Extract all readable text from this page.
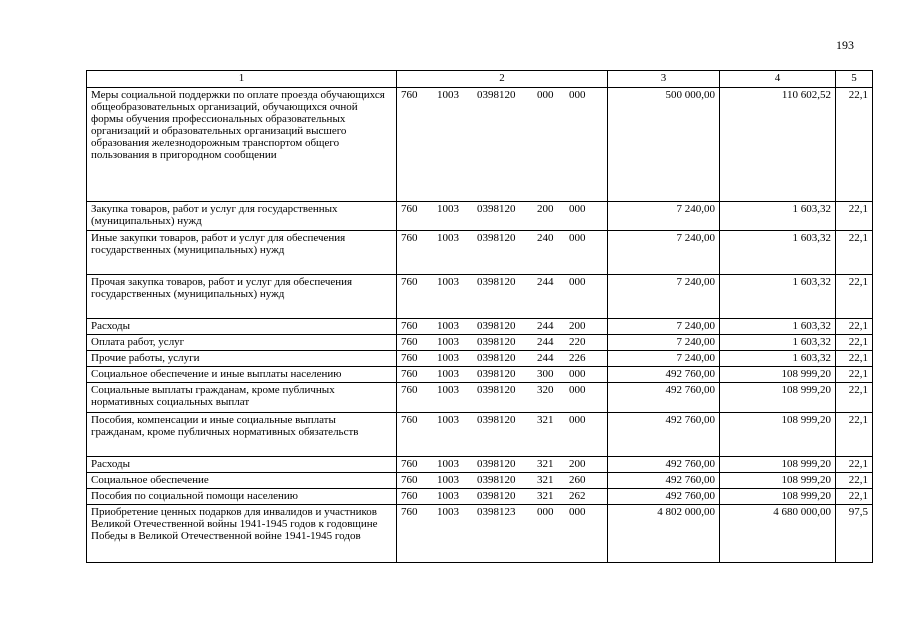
193
1	2	3	4	5
Меры социальной поддержки по оплате проезда обучающихся общеобразовательных организаций, обучающихся очной формы обучения профессиональных образовательных организаций и образовательных организаций высшего образования железнодорожным транспортом общего пользования в пригородном сообщении	760 1003 0398120 000 000	500 000,00	110 602,52	22,1
Закупка товаров, работ и услуг для государственных (муниципальных) нужд	760 1003 0398120 200 000	7 240,00	1 603,32	22,1
Иные закупки товаров, работ и услуг для обеспечения государственных (муниципальных) нужд	760 1003 0398120 240 000	7 240,00	1 603,32	22,1
Прочая закупка товаров, работ и услуг для обеспечения государственных (муниципальных) нужд	760 1003 0398120 244 000	7 240,00	1 603,32	22,1
Расходы	760 1003 0398120 244 200	7 240,00	1 603,32	22,1
Оплата работ, услуг	760 1003 0398120 244 220	7 240,00	1 603,32	22,1
Прочие работы, услуги	760 1003 0398120 244 226	7 240,00	1 603,32	22,1
Социальное обеспечение и иные выплаты населению	760 1003 0398120 300 000	492 760,00	108 999,20	22,1
Социальные выплаты гражданам, кроме публичных нормативных социальных выплат	760 1003 0398120 320 000	492 760,00	108 999,20	22,1
Пособия, компенсации и иные социальные выплаты гражданам, кроме публичных нормативных обязательств	760 1003 0398120 321 000	492 760,00	108 999,20	22,1
Расходы	760 1003 0398120 321 200	492 760,00	108 999,20	22,1
Социальное обеспечение	760 1003 0398120 321 260	492 760,00	108 999,20	22,1
Пособия по социальной помощи населению	760 1003 0398120 321 262	492 760,00	108 999,20	22,1
Приобретение ценных подарков для инвалидов и участников Великой Отечественной войны 1941-1945 годов к годовщине Победы в Великой Отечественной войне 1941-1945 годов	760 1003 0398123 000 000	4 802 000,00	4 680 000,00	97,5
